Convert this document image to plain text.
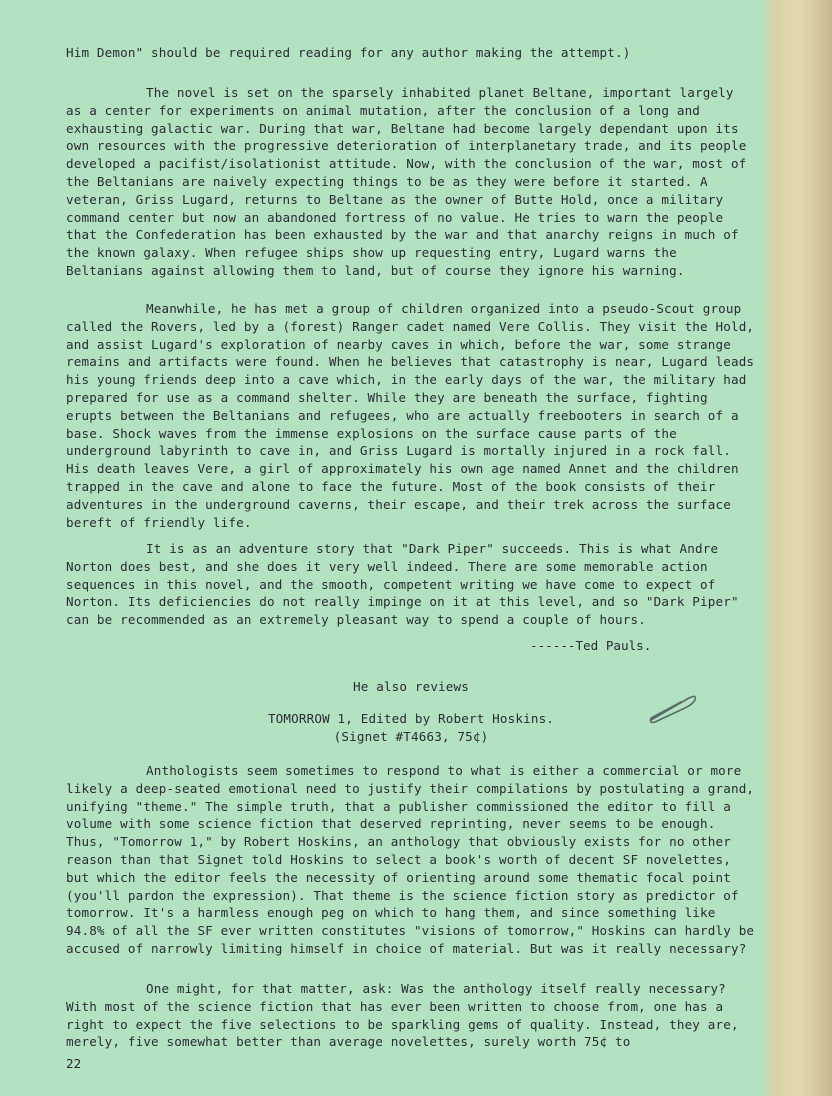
Him Demon" should be required reading for any author making the attempt.)

The novel is set on the sparsely inhabited planet Beltane, important largely as a center for experiments on animal mutation, after the conclusion of a long and exhausting galactic war. During that war, Beltane had become largely dependant upon its own resources with the progressive deterioration of interplanetary trade, and its people developed a pacifist/isolationist attitude. Now, with the conclusion of the war, most of the Beltanians are naively expecting things to be as they were before it started. A veteran, Griss Lugard, returns to Beltane as the owner of Butte Hold, once a military command center but now an abandoned fortress of no value. He tries to warn the people that the Confederation has been exhausted by the war and that anarchy reigns in much of the known galaxy. When refugee ships show up requesting entry, Lugard warns the Beltanians against allowing them to land, but of course they ignore his warning.

Meanwhile, he has met a group of children organized into a pseudo-Scout group called the Rovers, led by a (forest) Ranger cadet named Vere Collis. They visit the Hold, and assist Lugard's exploration of nearby caves in which, before the war, some strange remains and artifacts were found. When he believes that catastrophy is near, Lugard leads his young friends deep into a cave which, in the early days of the war, the military had prepared for use as a command shelter. While they are beneath the surface, fighting erupts between the Beltanians and refugees, who are actually freebooters in search of a base. Shock waves from the immense explosions on the surface cause parts of the underground labyrinth to cave in, and Griss Lugard is mortally injured in a rock fall. His death leaves Vere, a girl of approximately his own age named Annet and the children trapped in the cave and alone to face the future. Most of the book consists of their adventures in the underground caverns, their escape, and their trek across the surface bereft of friendly life.

It is as an adventure story that "Dark Piper" succeeds. This is what Andre Norton does best, and she does it very well indeed. There are some memorable action sequences in this novel, and the smooth, competent writing we have come to expect of Norton. Its deficiencies do not really impinge on it at this level, and so "Dark Piper" can be recommended as an extremely pleasant way to spend a couple of hours.

------Ted Pauls.

He also reviews

TOMORROW 1, Edited by Robert Hoskins.

(Signet #T4663, 75¢)

Anthologists seem sometimes to respond to what is either a commercial or more likely a deep-seated emotional need to justify their compilations by postulating a grand, unifying "theme." The simple truth, that a publisher commissioned the editor to fill a volume with some science fiction that deserved reprinting, never seems to be enough. Thus, "Tomorrow 1," by Robert Hoskins, an anthology that obviously exists for no other reason than that Signet told Hoskins to select a book's worth of decent SF novelettes, but which the editor feels the necessity of orienting around some thematic focal point (you'll pardon the expression). That theme is the science fiction story as predictor of tomorrow. It's a harmless enough peg on which to hang them, and since something like 94.8% of all the SF ever written constitutes "visions of tomorrow," Hoskins can hardly be accused of narrowly limiting himself in choice of material. But was it really necessary?

One might, for that matter, ask: Was the anthology itself really necessary? With most of the science fiction that has ever been written to choose from, one has a right to expect the five selections to be sparkling gems of quality. Instead, they are, merely, five somewhat better than average novelettes, surely worth 75¢ to

22
